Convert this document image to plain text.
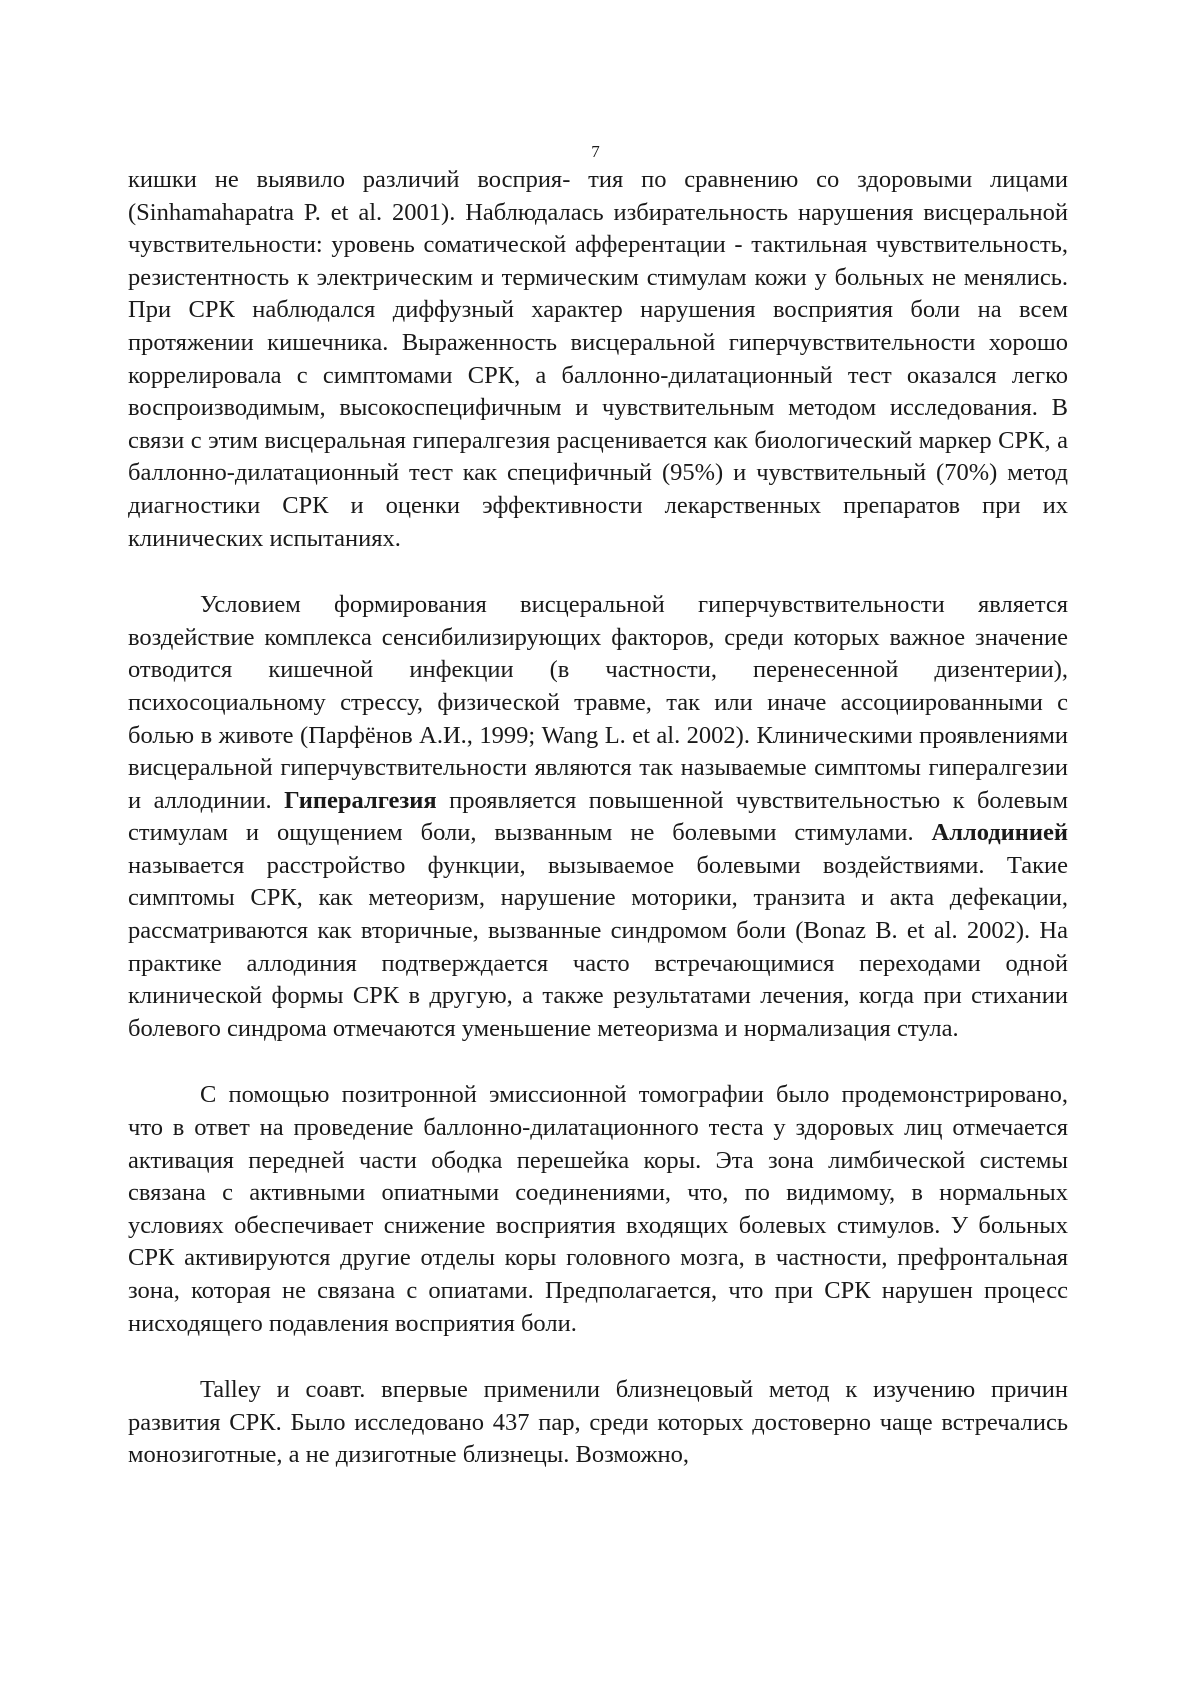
7

кишки не выявило различий восприя- тия по сравнению со здоровыми лицами (Sinhamahapatra P. et al. 2001). Наблюдалась избирательность нарушения висцеральной чувствительности: уровень соматической афферентации - тактильная чувствительность, резистентность к электрическим и термическим стимулам кожи у больных не менялись. При СРК наблюдался диффузный характер нарушения восприятия боли на всем протяжении кишечника. Выраженность висцеральной гиперчувствительности хорошо коррелировала с симптомами СРК, а баллонно-дилатационный тест оказался легко воспроизводимым, высокоспецифичным и чувствительным методом исследования. В связи с этим висцеральная гипералгезия расценивается как биологический маркер СРК, а баллонно-дилатационный тест как специфичный (95%) и чувствительный (70%) метод диагностики СРК и оценки эффективности лекарственных препаратов при их клинических испытаниях.

Условием формирования висцеральной гиперчувствительности является воздействие комплекса сенсибилизирующих факторов, среди которых важное значение отводится кишечной инфекции (в частности, перенесенной дизентерии), психосоциальному стрессу, физической травме, так или иначе ассоциированными с болью в животе (Парфёнов А.И., 1999; Wang L. et al. 2002). Клиническими проявлениями висцеральной гиперчувствительности являются так называемые симптомы гипералгезии и аллодинии. Гипералгезия проявляется повышенной чувствительностью к болевым стимулам и ощущением боли, вызванным не болевыми стимулами. Аллодинией называется расстройство функции, вызываемое болевыми воздействиями. Такие симптомы СРК, как метеоризм, нарушение моторики, транзита и акта дефекации, рассматриваются как вторичные, вызванные синдромом боли (Bonaz B. et al. 2002). На практике аллодиния подтверждается часто встречающимися переходами одной клинической формы СРК в другую, а также результатами лечения, когда при стихании болевого синдрома отмечаются уменьшение метеоризма и нормализация стула.

С помощью позитронной эмиссионной томографии было продемонстрировано, что в ответ на проведение баллонно-дилатационного теста у здоровых лиц отмечается активация передней части ободка перешейка коры. Эта зона лимбической системы связана с активными опиатными соединениями, что, по видимому, в нормальных условиях обеспечивает снижение восприятия входящих болевых стимулов. У больных СРК активируются другие отделы коры головного мозга, в частности, префронтальная зона, которая не связана с опиатами. Предполагается, что при СРК нарушен процесс нисходящего подавления восприятия боли.

Talley и соавт. впервые применили близнецовый метод к изучению причин развития СРК. Было исследовано 437 пар, среди которых достоверно чаще встречались монозиготные, а не дизиготные близнецы. Возможно,
